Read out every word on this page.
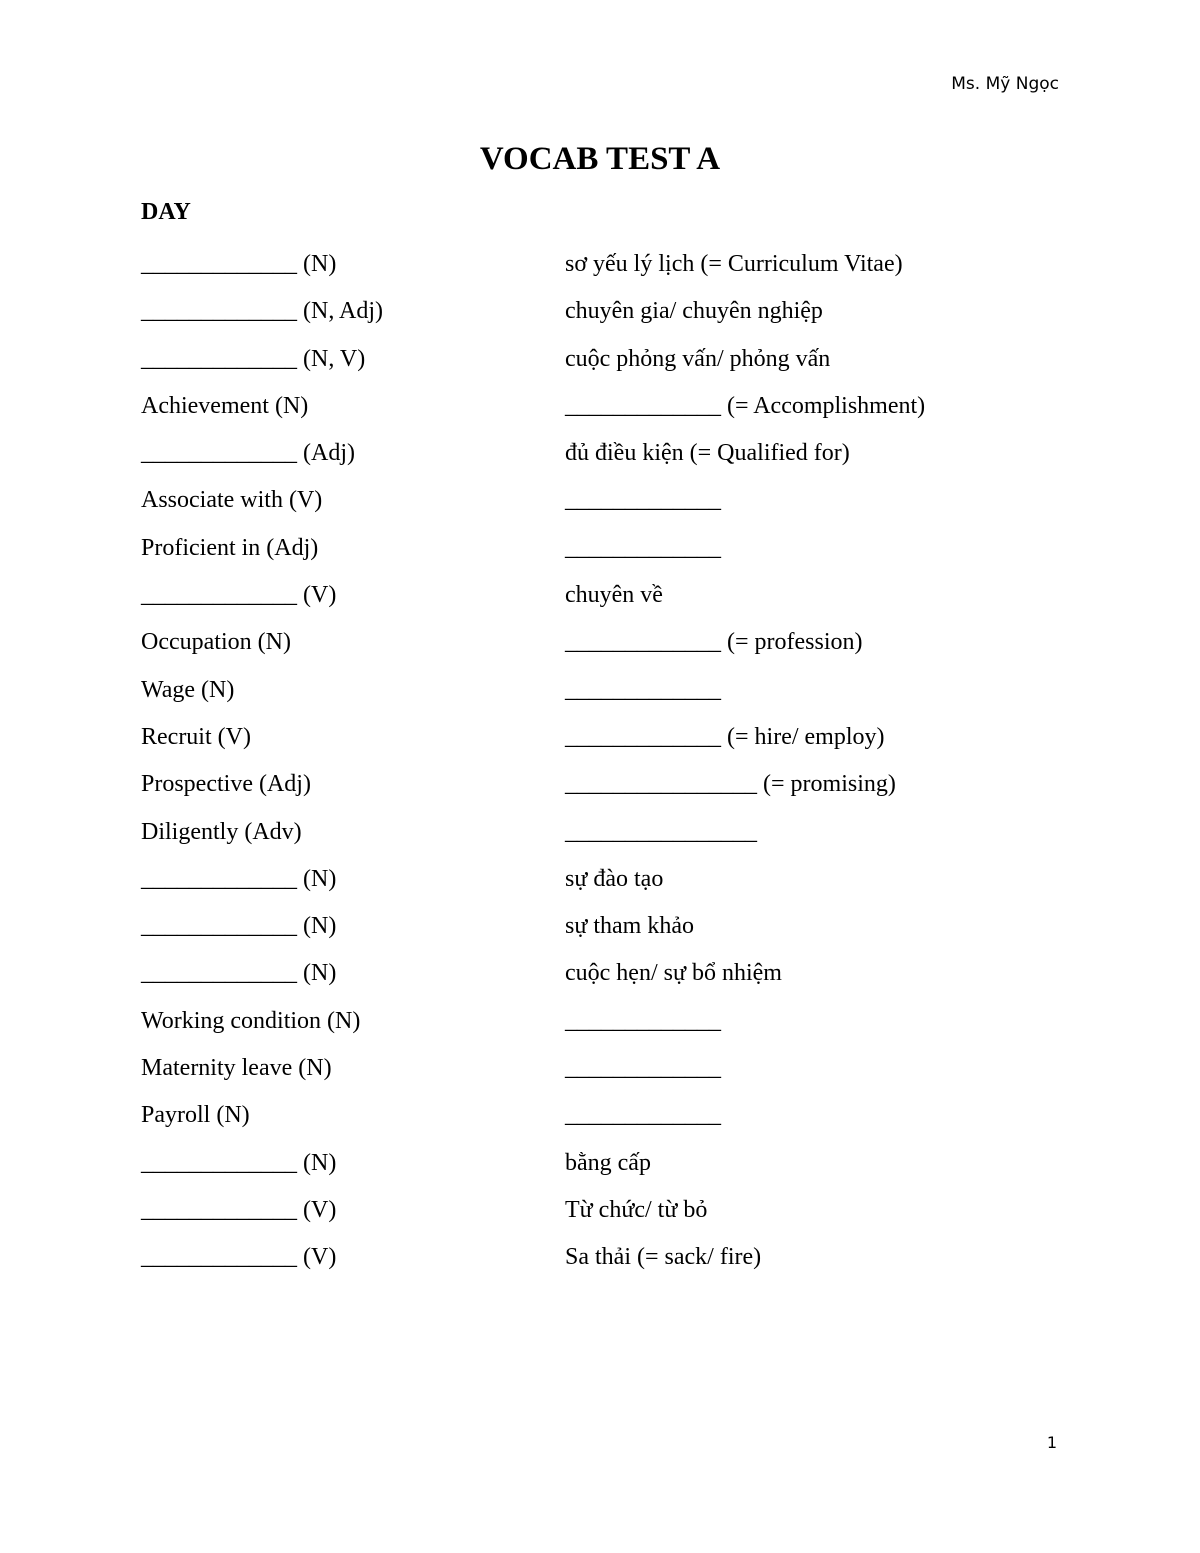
Ms. Mỹ Ngọc
VOCAB TEST A
DAY
_____________ (N)	sơ yếu lý lịch (= Curriculum Vitae)
_____________ (N, Adj)	chuyên gia/ chuyên nghiệp
_____________ (N, V)	cuộc phỏng vấn/ phỏng vấn
Achievement (N)	_____________ (= Accomplishment)
_____________ (Adj)	đủ điều kiện (= Qualified for)
Associate with (V)	_____________
Proficient in (Adj)	_____________
_____________ (V)	chuyên về
Occupation (N)	_____________ (= profession)
Wage (N)	_____________
Recruit (V)	_____________ (= hire/ employ)
Prospective (Adj)	________________ (= promising)
Diligently (Adv)	________________
_____________ (N)	sự đào tạo
_____________ (N)	sự tham khảo
_____________ (N)	cuộc hẹn/ sự bổ nhiệm
Working condition (N)	_____________
Maternity leave (N)	_____________
Payroll (N)	_____________
_____________ (N)	bằng cấp
_____________ (V)	Từ chức/ từ bỏ
_____________ (V)	Sa thải (= sack/ fire)
1
